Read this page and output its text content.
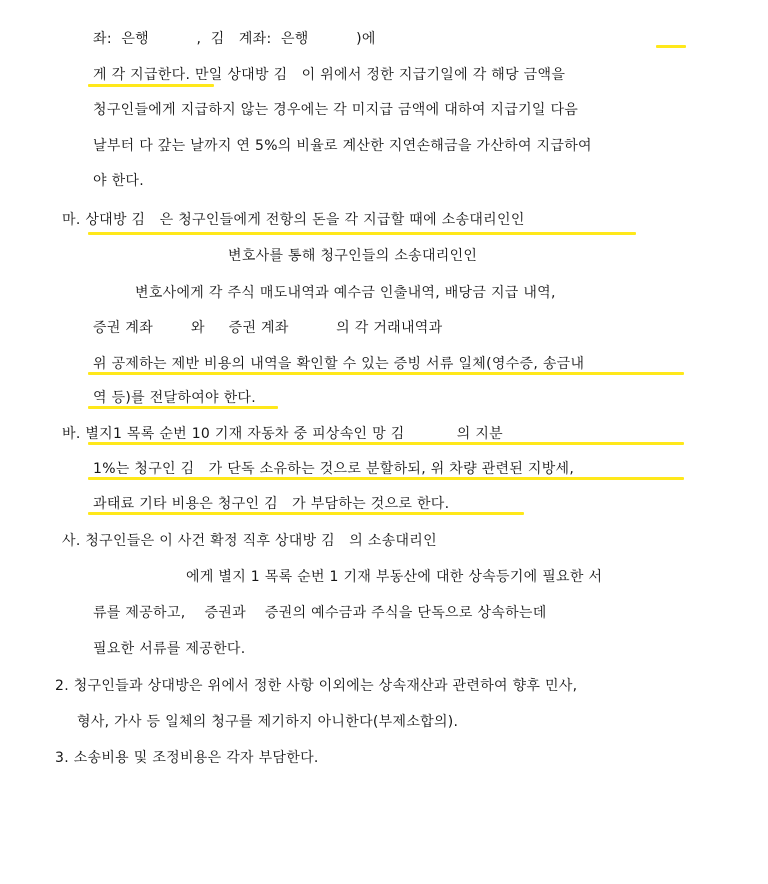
좌:  은행          ,  김   계좌:  은행          )에
게 각 지급한다. 만일 상대방 김   이 위에서 정한 지급기일에 각 해당 금액을
청구인들에게 지급하지 않는 경우에는 각 미지급 금액에 대하여 지급기일 다음
날부터 다 갚는 날까지 연 5%의 비율로 계산한 지연손해금을 가산하여 지급하여
야 한다.
마. 상대방 김   은 청구인들에게 전항의 돈을 각 지급할 때에 소송대리인인
변호사를 통해 청구인들의 소송대리인인
변호사에게 각 주식 매도내역과 예수금 인출내역, 배당금 지급 내역,
증권 계좌        와     증권 계좌          의 각 거래내역과
위 공제하는 제반 비용의 내역을 확인할 수 있는 증빙 서류 일체(영수증, 송금내
역 등)를 전달하여야 한다.
바. 별지1 목록 순번 10 기재 자동차 중 피상속인 망 김           의 지분
1%는 청구인 김   가 단독 소유하는 것으로 분할하되, 위 차량 관련된 지방세,
과태료 기타 비용은 청구인 김   가 부담하는 것으로 한다.
사. 청구인들은 이 사건 확정 직후 상대방 김   의 소송대리인
에게 별지 1 목록 순번 1 기재 부동산에 대한 상속등기에 필요한 서
류를 제공하고,    증권과    증권의 예수금과 주식을 단독으로 상속하는데
필요한 서류를 제공한다.
2. 청구인들과 상대방은 위에서 정한 사항 이외에는 상속재산과 관련하여 향후 민사,
형사, 가사 등 일체의 청구를 제기하지 아니한다(부제소합의).
3. 소송비용 및 조정비용은 각자 부담한다.
